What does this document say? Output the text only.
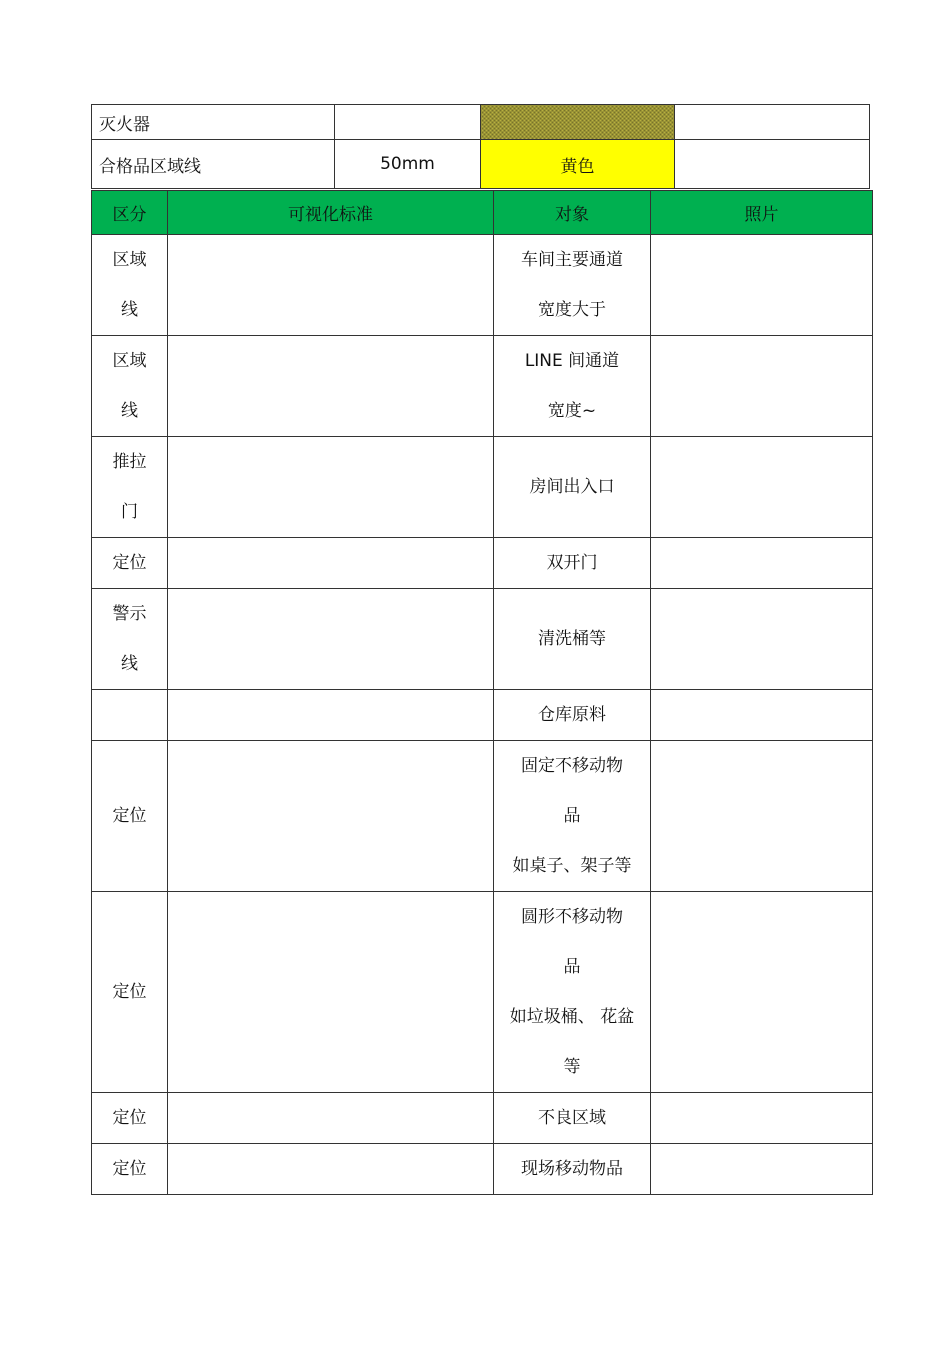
灭火器			
合格品区域线	50mm	黄色	
区分	可视化标准	对象	照片

区域
线		车间主要通道
宽度大于	

区域
线		LINE 间通道
宽度~	

推拉
门		房间出入口	

定位		双开门	

警示
线		清洗桶等	

		仓库原料	

定位		固定不移动物
品
如桌子、架子等	

定位		圆形不移动物
品
如垃圾桶、 花盆
等	

定位		不良区域	

定位		现场移动物品	
